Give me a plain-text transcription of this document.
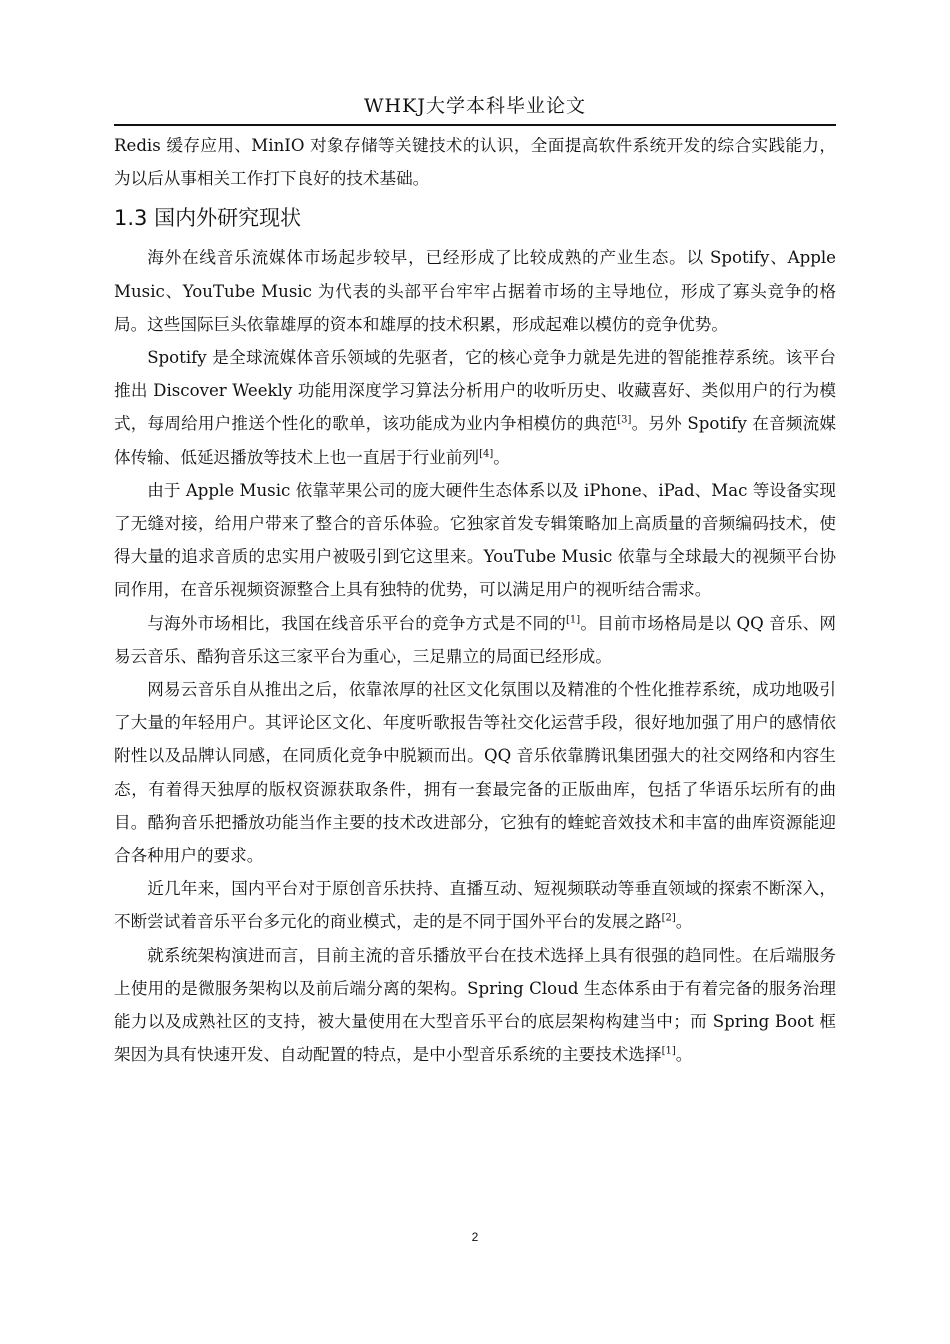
WHKJ大学本科毕业论文

Redis 缓存应用、MinIO 对象存储等关键技术的认识，全面提高软件系统开发的综合实践能力，为以后从事相关工作打下良好的技术基础。

1.3 国内外研究现状

海外在线音乐流媒体市场起步较早，已经形成了比较成熟的产业生态。以 Spotify、Apple Music、YouTube Music 为代表的头部平台牢牢占据着市场的主导地位，形成了寡头竞争的格局。这些国际巨头依靠雄厚的资本和雄厚的技术积累，形成起难以模仿的竞争优势。

Spotify 是全球流媒体音乐领域的先驱者，它的核心竞争力就是先进的智能推荐系统。该平台推出 Discover Weekly 功能用深度学习算法分析用户的收听历史、收藏喜好、类似用户的行为模式，每周给用户推送个性化的歌单，该功能成为业内争相模仿的典范[3]。另外 Spotify 在音频流媒体传输、低延迟播放等技术上也一直居于行业前列[4]。

由于 Apple Music 依靠苹果公司的庞大硬件生态体系以及 iPhone、iPad、Mac 等设备实现了无缝对接，给用户带来了整合的音乐体验。它独家首发专辑策略加上高质量的音频编码技术，使得大量的追求音质的忠实用户被吸引到它这里来。YouTube Music 依靠与全球最大的视频平台协同作用，在音乐视频资源整合上具有独特的优势，可以满足用户的视听结合需求。

与海外市场相比，我国在线音乐平台的竞争方式是不同的[1]。目前市场格局是以 QQ 音乐、网易云音乐、酷狗音乐这三家平台为重心，三足鼎立的局面已经形成。

网易云音乐自从推出之后，依靠浓厚的社区文化氛围以及精准的个性化推荐系统，成功地吸引了大量的年轻用户。其评论区文化、年度听歌报告等社交化运营手段，很好地加强了用户的感情依附性以及品牌认同感，在同质化竞争中脱颖而出。QQ 音乐依靠腾讯集团强大的社交网络和内容生态，有着得天独厚的版权资源获取条件，拥有一套最完备的正版曲库，包括了华语乐坛所有的曲目。酷狗音乐把播放功能当作主要的技术改进部分，它独有的蝰蛇音效技术和丰富的曲库资源能迎合各种用户的要求。

近几年来，国内平台对于原创音乐扶持、直播互动、短视频联动等垂直领域的探索不断深入，不断尝试着音乐平台多元化的商业模式，走的是不同于国外平台的发展之路[2]。

就系统架构演进而言，目前主流的音乐播放平台在技术选择上具有很强的趋同性。在后端服务上使用的是微服务架构以及前后端分离的架构。Spring Cloud 生态体系由于有着完备的服务治理能力以及成熟社区的支持，被大量使用在大型音乐平台的底层架构构建当中；而 Spring Boot 框架因为具有快速开发、自动配置的特点，是中小型音乐系统的主要技术选择[1]。

2
